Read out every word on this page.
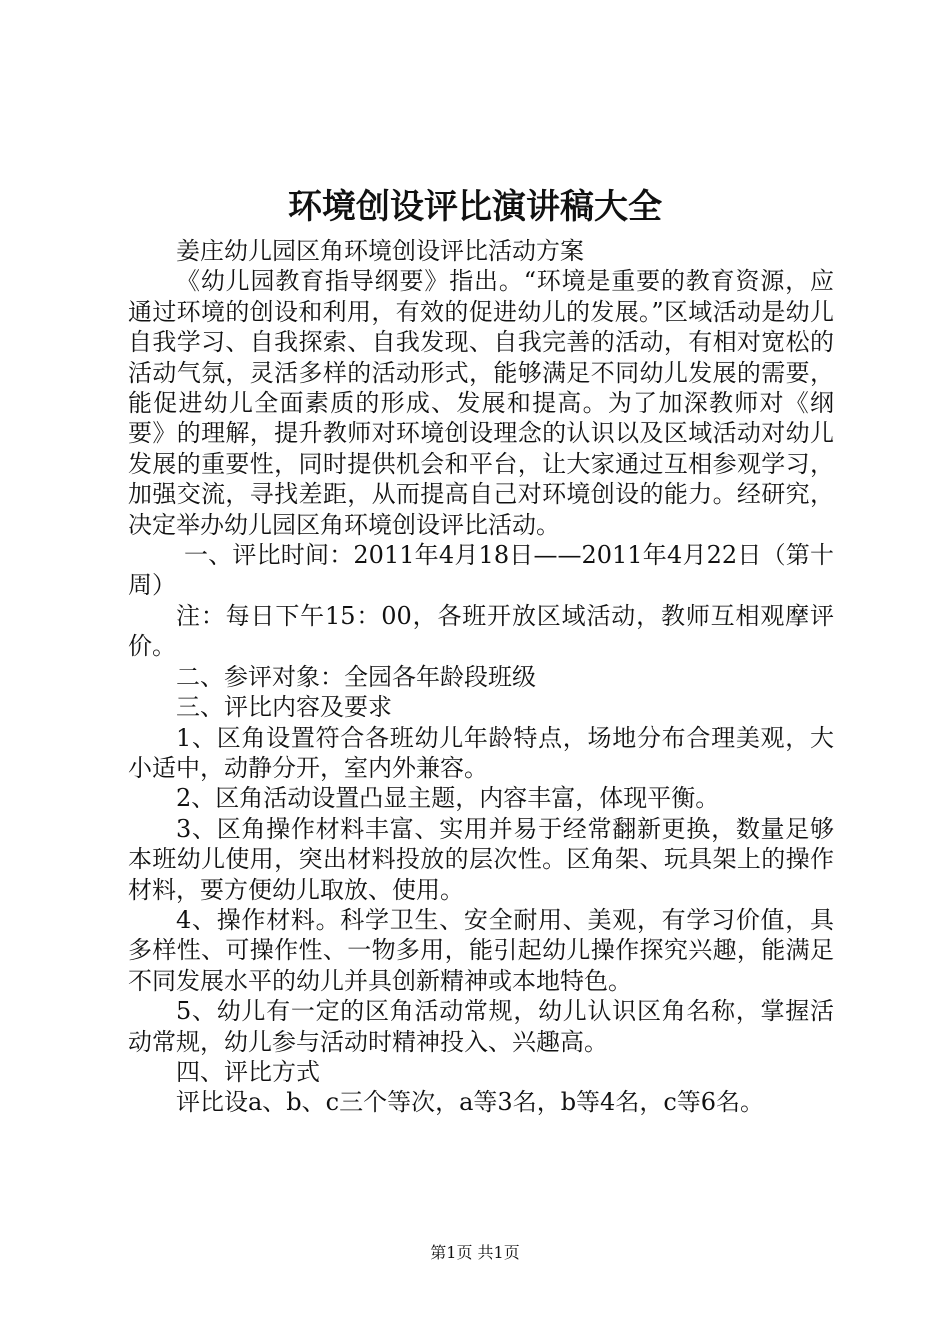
环境创设评比演讲稿大全

姜庄幼儿园区角环境创设评比活动方案

《幼儿园教育指导纲要》指出。“环境是重要的教育资源，应通过环境的创设和利用，有效的促进幼儿的发展。”区域活动是幼儿自我学习、自我探索、自我发现、自我完善的活动，有相对宽松的活动气氛，灵活多样的活动形式，能够满足不同幼儿发展的需要，能促进幼儿全面素质的形成、发展和提高。为了加深教师对《纲要》的理解，提升教师对环境创设理念的认识以及区域活动对幼儿发展的重要性，同时提供机会和平台，让大家通过互相参观学习，加强交流，寻找差距，从而提高自己对环境创设的能力。经研究，决定举办幼儿园区角环境创设评比活动。

一、评比时间：2011年4月18日——2011年4月22日（第十周）

注：每日下午15：00，各班开放区域活动，教师互相观摩评价。

二、参评对象：全园各年龄段班级

三、评比内容及要求

1、区角设置符合各班幼儿年龄特点，场地分布合理美观，大小适中，动静分开，室内外兼容。

2、区角活动设置凸显主题，内容丰富，体现平衡。

3、区角操作材料丰富、实用并易于经常翻新更换，数量足够本班幼儿使用，突出材料投放的层次性。区角架、玩具架上的操作材料，要方便幼儿取放、使用。

4、操作材料。科学卫生、安全耐用、美观，有学习价值，具多样性、可操作性、一物多用，能引起幼儿操作探究兴趣，能满足不同发展水平的幼儿并具创新精神或本地特色。

5、幼儿有一定的区角活动常规，幼儿认识区角名称，掌握活动常规，幼儿参与活动时精神投入、兴趣高。

四、评比方式

评比设a、b、c三个等次，a等3名，b等4名，c等6名。

第1页 共1页
